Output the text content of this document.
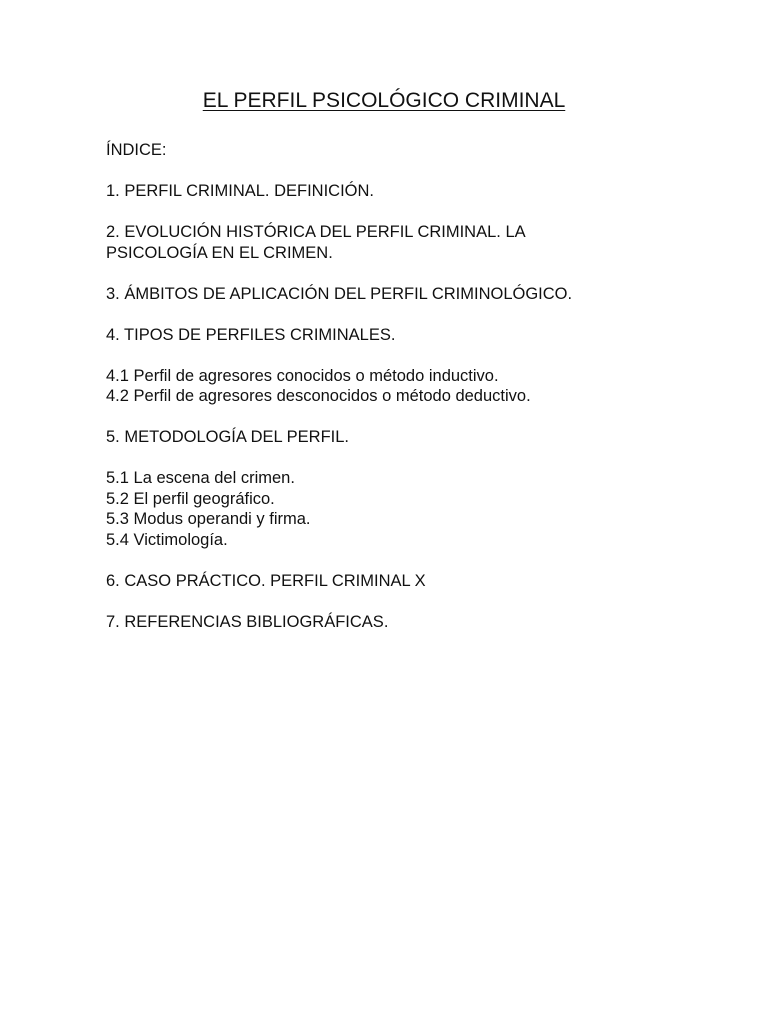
EL PERFIL PSICOLÓGICO CRIMINAL

ÍNDICE:

1. PERFIL CRIMINAL. DEFINICIÓN.

2. EVOLUCIÓN HISTÓRICA DEL PERFIL CRIMINAL. LA

PSICOLOGÍA EN EL CRIMEN.

3. ÁMBITOS DE APLICACIÓN DEL PERFIL CRIMINOLÓGICO.

4. TIPOS DE PERFILES CRIMINALES.

4.1 Perfil de agresores conocidos o método inductivo.

4.2 Perfil de agresores desconocidos o método deductivo.

5. METODOLOGÍA DEL PERFIL.

5.1 La escena del crimen.

5.2 El perfil geográfico.

5.3 Modus operandi y firma.

5.4 Victimología.

6. CASO PRÁCTICO. PERFIL CRIMINAL X

7. REFERENCIAS BIBLIOGRÁFICAS.
